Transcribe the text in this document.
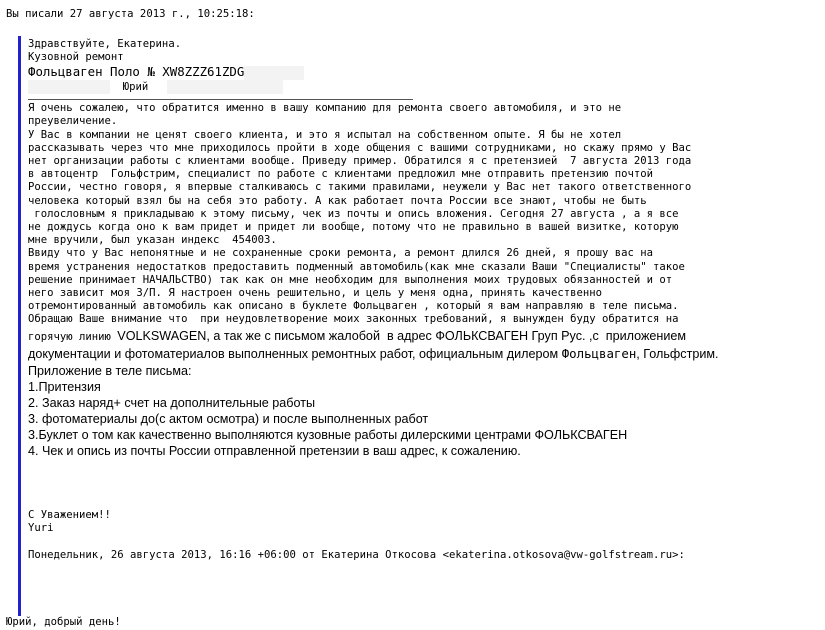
Вы писали 27 августа 2013 г., 10:25:18:
Здравствуйте, Екатерина.
Кузовной ремонт
Фольцваген Поло № XW8ZZZ61ZDG
Юрий
Я очень сожалею, что обратится именно в вашу компанию для ремонта своего автомобиля, и это не
преувеличение.
У Вас в компании не ценят своего клиента, и это я испытал на собственном опыте. Я бы не хотел
рассказывать через что мне приходилось пройти в ходе общения с вашими сотрудниками, но скажу прямо у Вас
нет организации работы с клиентами вообще. Приведу пример. Обратился я с претензией  7 августа 2013 года
в автоцентр  Гольфстрим, специалист по работе с клиентами предложил мне отправить претензию почтой
России, честно говоря, я впервые сталкиваюсь с такими правилами, неужели у Вас нет такого ответственного
человека который взял бы на себя это работу. А как работает почта России все знают, чтобы не быть
голословным я прикладываю к этому письму, чек из почты и опись вложения. Сегодня 27 августа , а я все
не дождусь когда оно к вам придет и придет ли вообще, потому что не правильно в вашей визитке, которую
мне вручили, был указан индекс  454003.
Ввиду что у Вас непонятные и не сохраненные сроки ремонта, а ремонт длился 26 дней, я прошу вас на
время устранения недостатков предоставить подменный автомобиль(как мне сказали Ваши "Специалисты" такое
решение принимает НАЧАЛЬСТВО) так как он мне необходим для выполнения моих трудовых обязанностей и от
него зависит моя З/П. Я настроен очень решительно, и цель у меня одна, принять качественно
отремонтированный автомобиль как описано в буклете Фольцваген , который я вам направляю в теле письма.
Обращаю Ваше внимание что  при неудовлетворение моих законных требований, я вынужден буду обратится на
горячую линию VOLKSWAGEN, а так же с письмом жалобой  в адрес ФОЛЬКСВАГЕН Груп Рус. ,с  приложением
документации и фотоматериалов выполненных ремонтных работ, официальным дилером Фольцваген, Гольфстрим.
Приложение в теле письма:
1.Притензия
2. Заказ наряд+ счет на дополнительные работы
3. фотоматериалы до(с актом осмотра) и после выполненных работ
3.Буклет о том как качественно выполняются кузовные работы дилерскими центрами ФОЛЬКСВАГЕН
4. Чек и опись из почты России отправленной претензии в ваш адрес, к сожалению.
С Уважением!!
Yuri
Понедельник, 26 августа 2013, 16:16 +06:00 от Екатерина Откосова <ekaterina.otkosova@vw-golfstream.ru>:
Юрий, добрый день!
